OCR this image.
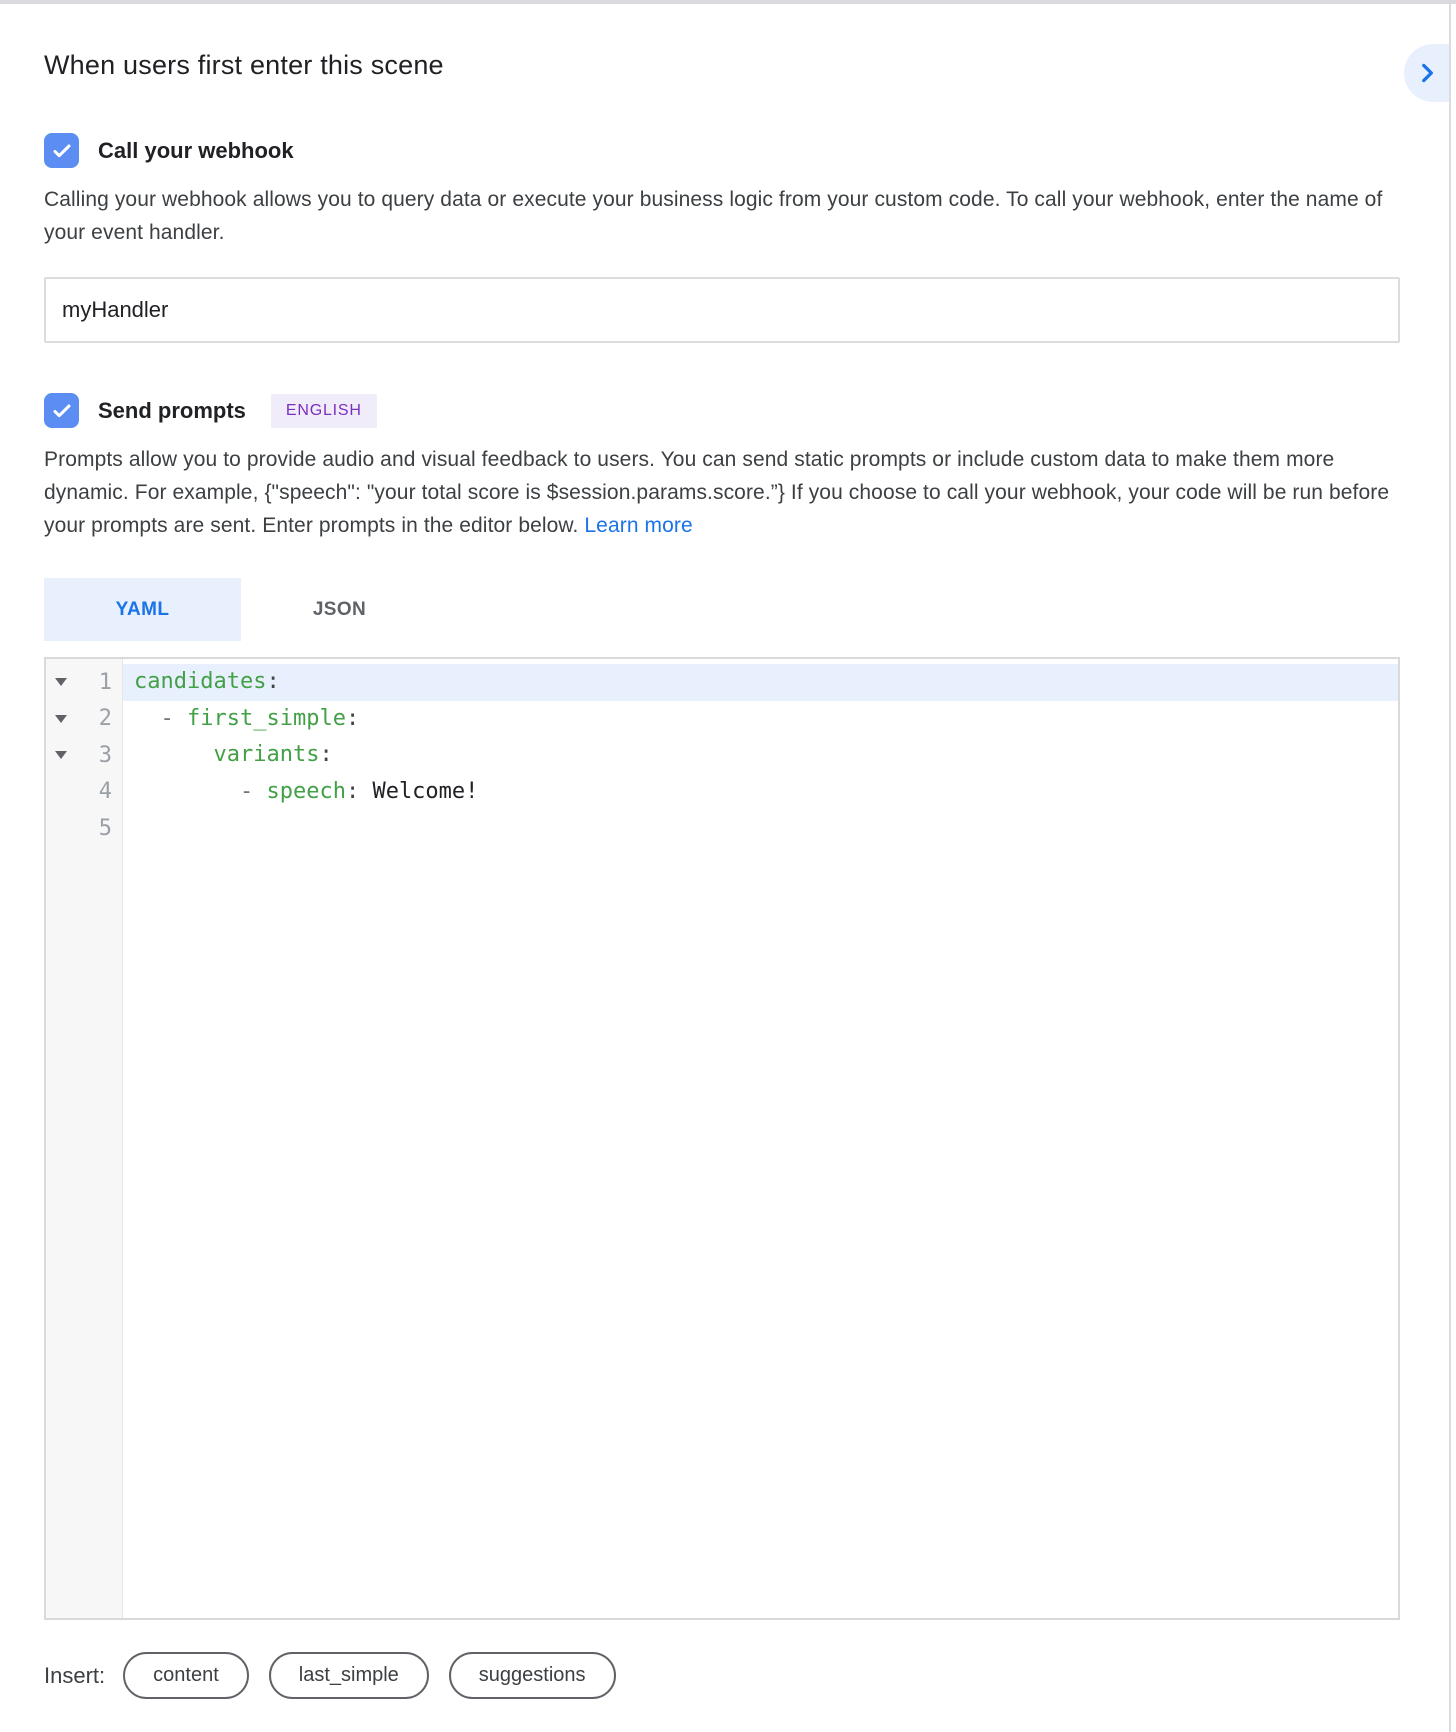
When users first enter this scene
Call your webhook

Calling your webhook allows you to query data or execute your business logic from your custom code. To call your webhook, enter the name of your event handler.

myHandler
Send prompts	ENGLISH

Prompts allow you to provide audio and visual feedback to users. You can send static prompts or include custom data to make them more dynamic. For example, {"speech": "your total score is $session.params.score.”} If you choose to call your webhook, your code will be run before your prompts are sent. Enter prompts in the editor below. Learn more

YAML	JSON
1
2
3
4
5
candidates:
- first_simple:
variants:
- speech: Welcome!
Insert:	content	last_simple	suggestions
